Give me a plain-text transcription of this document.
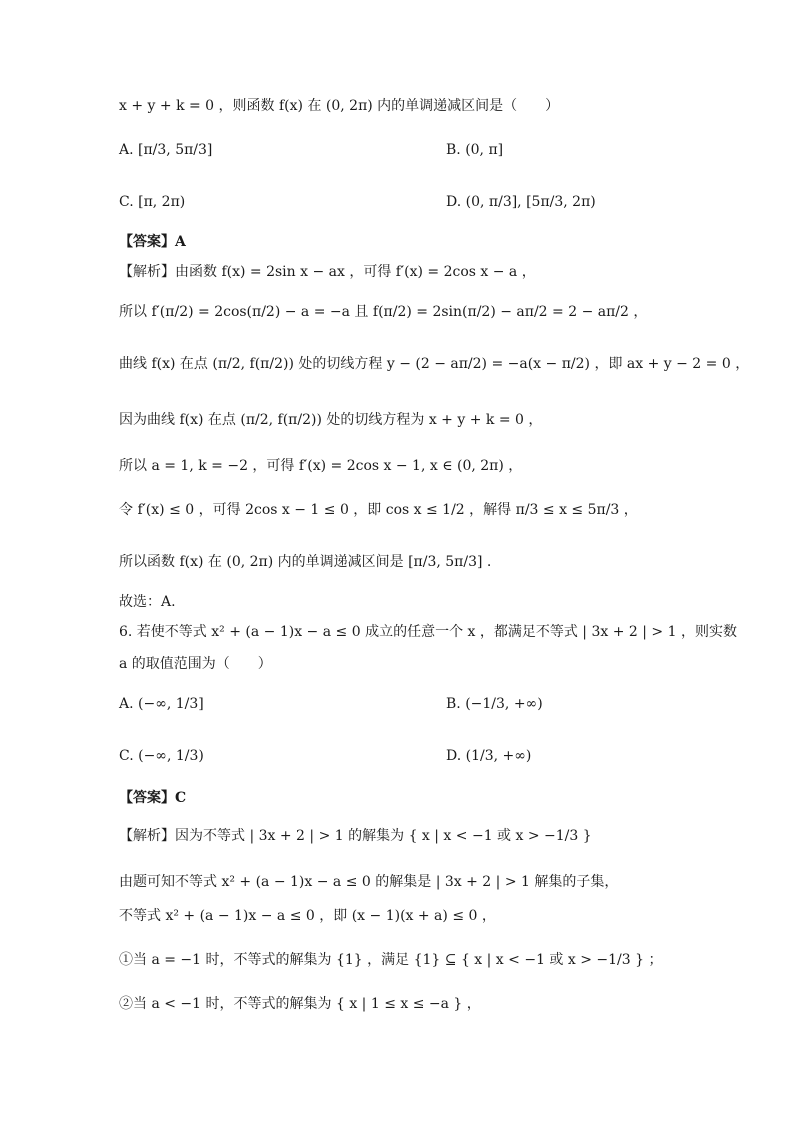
x + y + k = 0 ，则函数 f(x) 在 (0, 2π) 内的单调递减区间是（　　）
A. [π/3, 5π/3]	B. (0, π]
C. [π, 2π)	D. (0, π/3], [5π/3, 2π)
【答案】A
【解析】由函数 f(x) = 2sin x − ax ，可得 f′(x) = 2cos x − a ，
所以 f′(π/2) = 2cos(π/2) − a = −a 且 f(π/2) = 2sin(π/2) − aπ/2 = 2 − aπ/2 ，
曲线 f(x) 在点 (π/2, f(π/2)) 处的切线方程 y − (2 − aπ/2) = −a(x − π/2) ，即 ax + y − 2 = 0 ，
因为曲线 f(x) 在点 (π/2, f(π/2)) 处的切线方程为 x + y + k = 0 ，
所以 a = 1, k = −2 ，可得 f′(x) = 2cos x − 1, x ∈ (0, 2π) ，
令 f′(x) ≤ 0 ，可得 2cos x − 1 ≤ 0 ，即 cos x ≤ 1/2 ，解得 π/3 ≤ x ≤ 5π/3 ，
所以函数 f(x) 在 (0, 2π) 内的单调递减区间是 [π/3, 5π/3] .
故选：A.
6. 若使不等式 x² + (a − 1)x − a ≤ 0 成立的任意一个 x ，都满足不等式 | 3x + 2 | > 1 ，则实数
a 的取值范围为（　　）
A. (−∞, 1/3]	B. (−1/3, +∞)
C. (−∞, 1/3)	D. (1/3, +∞)
【答案】C
【解析】因为不等式 | 3x + 2 | > 1 的解集为 { x | x < −1 或 x > −1/3 }
由题可知不等式 x² + (a − 1)x − a ≤ 0 的解集是 | 3x + 2 | > 1 解集的子集，
不等式 x² + (a − 1)x − a ≤ 0 ，即 (x − 1)(x + a) ≤ 0 ，
①当 a = −1 时，不等式的解集为 {1} ，满足 {1} ⊆ { x | x < −1 或 x > −1/3 } ；
②当 a < −1 时，不等式的解集为 { x | 1 ≤ x ≤ −a } ，
